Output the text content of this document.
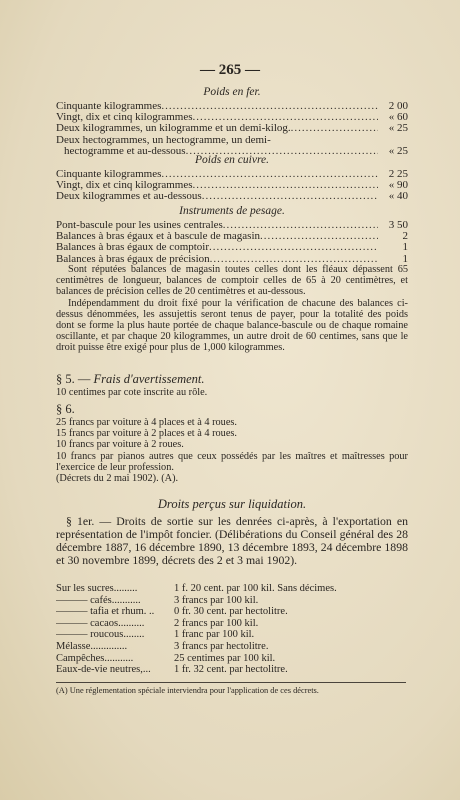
— 265 —
Poids en fer.
Cinquante kilogrammes .....	2 00
Vingt, dix et cinq kilogrammes .....	« 60
Deux kilogrammes, un kilogramme et un demi-kilog. .....	« 25
Deux hectogrammes, un hectogramme, un demi-
hectogramme et au-dessous .....	« 25
Poids en cuivre.
Cinquante kilogrammes .....	2 25
Vingt, dix et cinq kilogrammes .....	« 90
Deux kilogrammes et au-dessous .....	« 40
Instruments de pesage.
Pont-bascule pour les usines centrales .....	3 50
Balances à bras égaux et à bascule de magasin .....	2
Balances à bras égaux de comptoir .....	1
Balances à bras égaux de précision .....	1
Sont réputées balances de magasin toutes celles dont les fléaux dépassent 65 centimètres de longueur, balances de comptoir celles de 65 à 20 centimètres, et balances de précision celles de 20 centimètres et au-dessous.
Indépendamment du droit fixé pour la vérification de chacune des balances ci-dessus dénommées, les assujettis seront tenus de payer, pour la totalité des poids dont se forme la plus haute portée de chaque balance-bascule ou de chaque romaine oscillante, et par chaque 20 kilogrammes, un autre droit de 60 centimes, sans que le droit puisse être exigé pour plus de 1,000 kilogrammes.
§ 5. — Frais d'avertissement.
10 centimes par cote inscrite au rôle.
§ 6.
25 francs par voiture à 4 places et à 4 roues.
15 francs par voiture à 2 places et à 4 roues.
10 francs par voiture à 2 roues.
10 francs par pianos autres que ceux possédés par les maîtres et maîtresses pour l'exercice de leur profession.
(Décrets du 2 mai 1902). (A).
Droits perçus sur liquidation.
§ 1er. — Droits de sortie sur les denrées ci-après, à l'exportation en représentation de l'impôt foncier. (Délibérations du Conseil général des 28 décembre 1887, 16 décembre 1890, 13 décembre 1893, 24 décembre 1898 et 30 novembre 1899, décrets des 2 et 3 mai 1902).
Sur les sucres.........	1 f. 20 cent. par 100 kil. Sans décimes.
——— cafés...........	3 francs par 100 kil.
——— tafia et rhum. ..	0 fr. 30 cent. par hectolitre.
——— cacaos..........	2 francs par 100 kil.
——— roucous........	1 franc par 100 kil.
Mélasse..............	3 francs par hectolitre.
Campêches...........	25 centimes par 100 kil.
Eaux-de-vie neutres,...	1 fr. 32 cent. par hectolitre.
(A) Une réglementation spéciale interviendra pour l'application de ces décrets.
